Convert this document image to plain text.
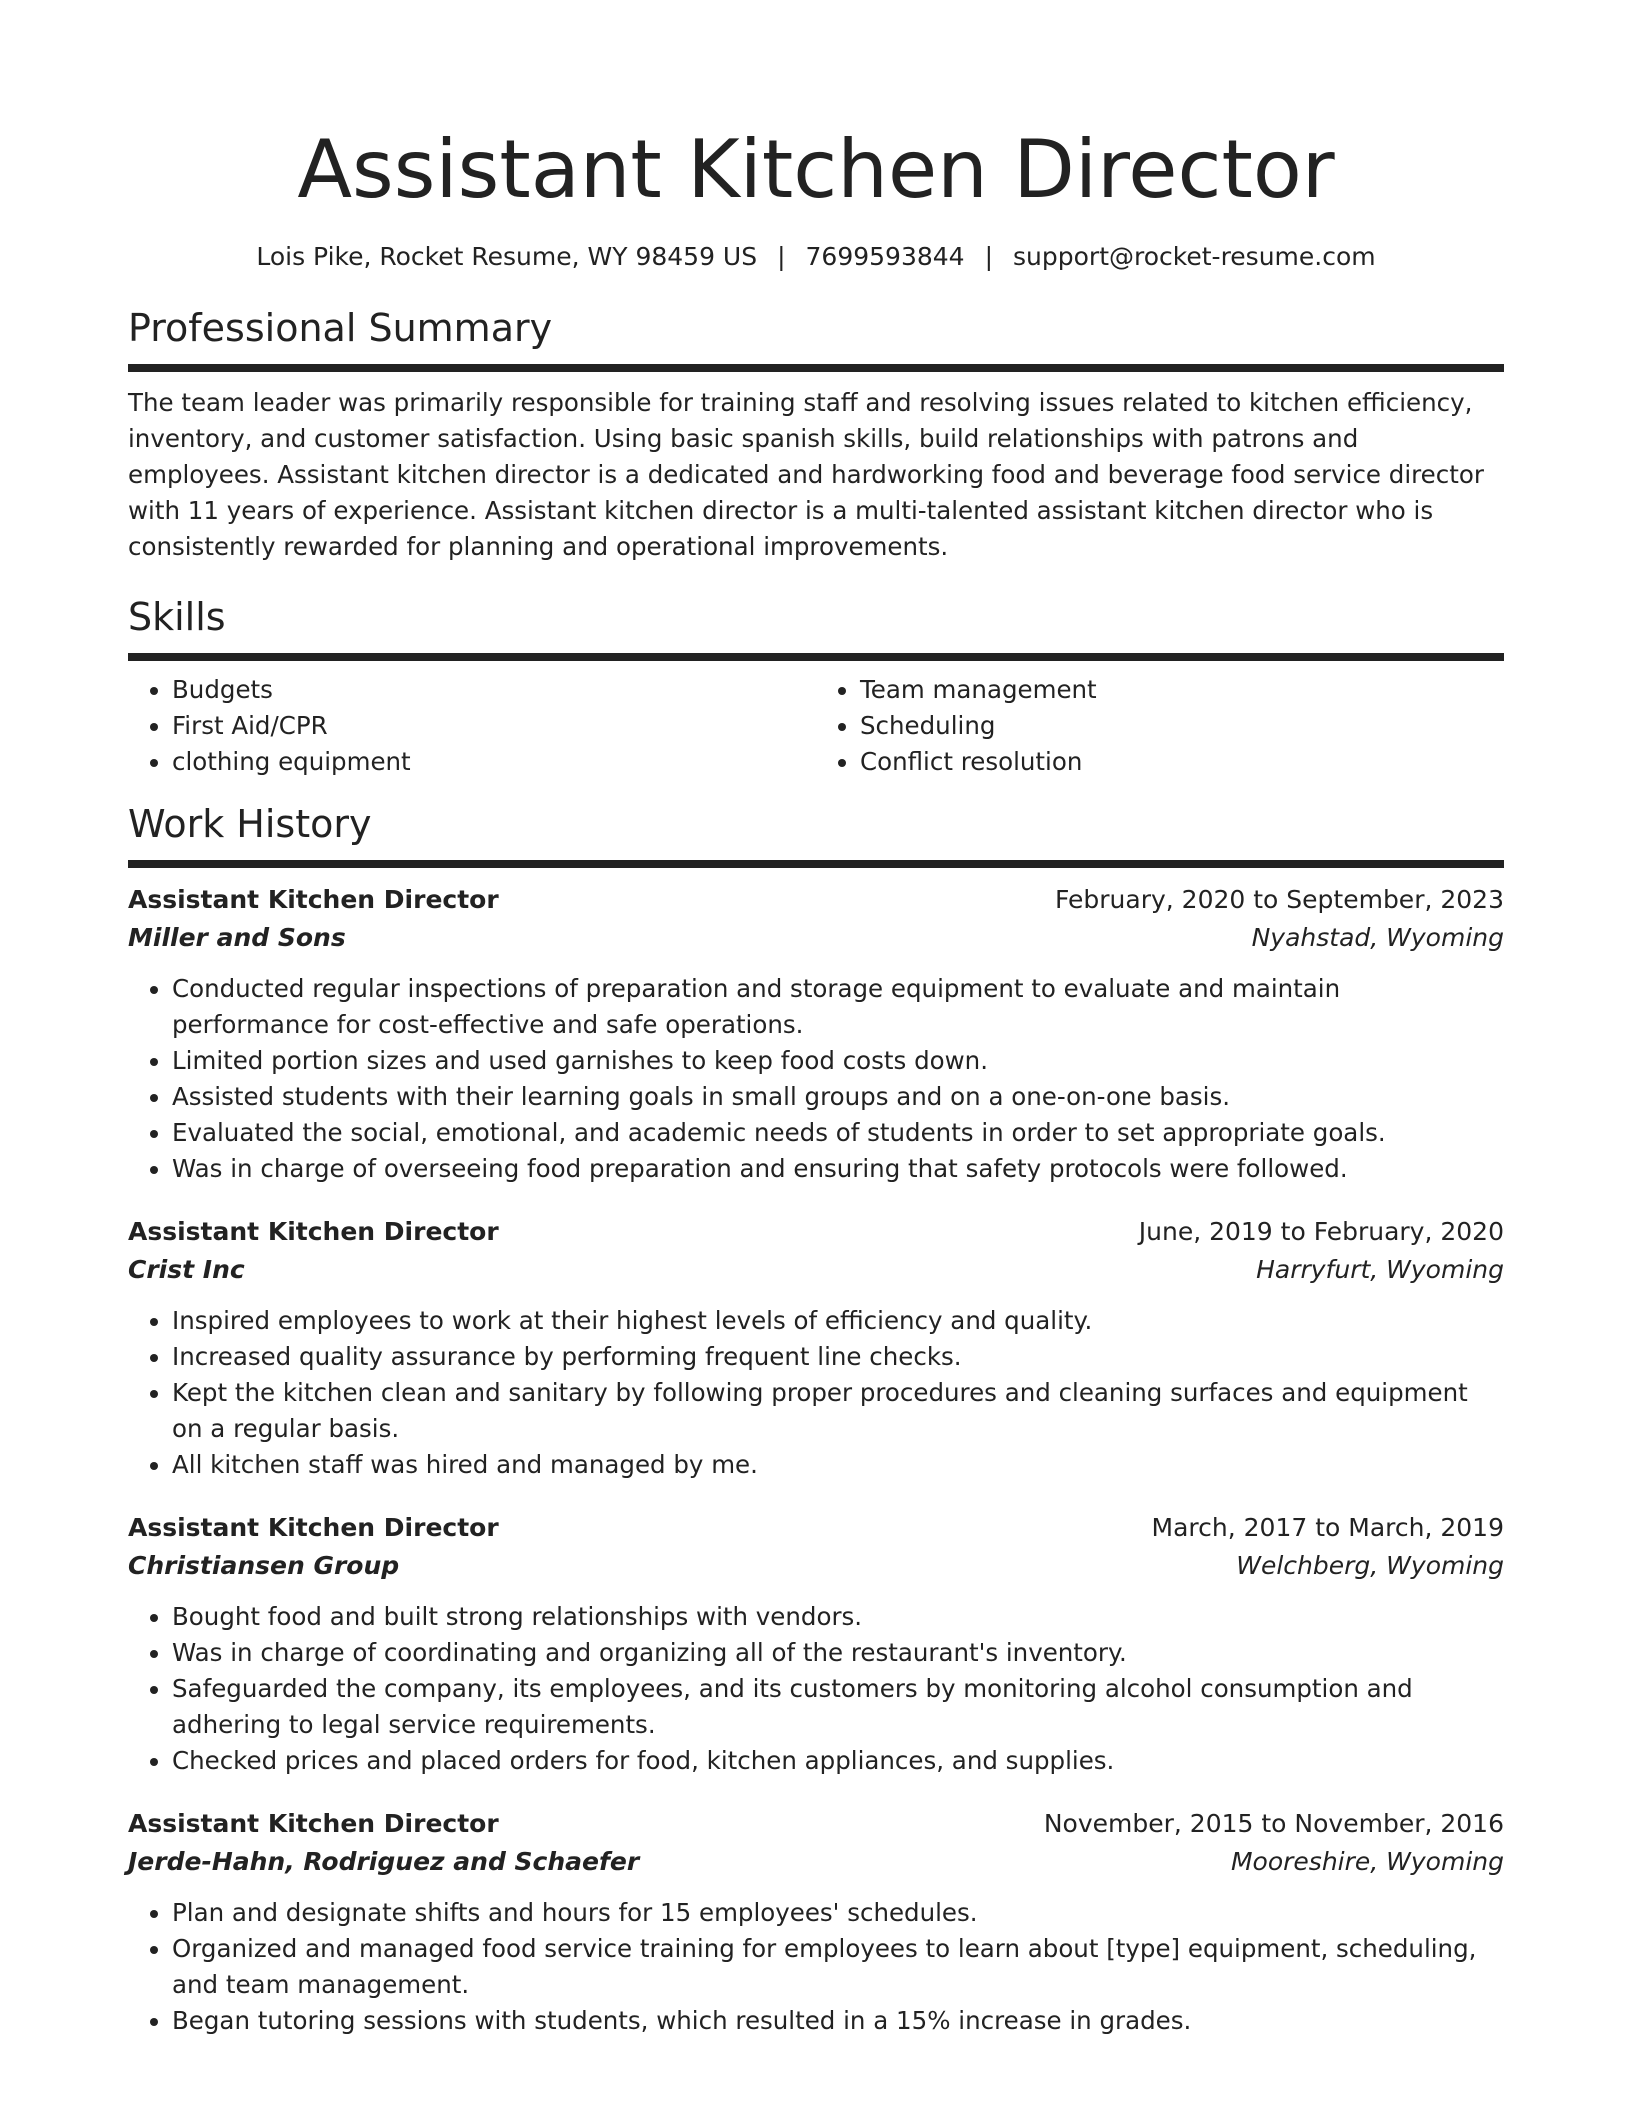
Assistant Kitchen Director
Lois Pike, Rocket Resume, WY 98459 US | 7699593844 | support@rocket-resume.com
Professional Summary
The team leader was primarily responsible for training staff and resolving issues related to kitchen efficiency, inventory, and customer satisfaction. Using basic spanish skills, build relationships with patrons and employees. Assistant kitchen director is a dedicated and hardworking food and beverage food service director with 11 years of experience. Assistant kitchen director is a multi-talented assistant kitchen director who is consistently rewarded for planning and operational improvements.
Skills
• Budgets
• First Aid/CPR
• clothing equipment
• Team management
• Scheduling
• Conflict resolution
Work History
Assistant Kitchen Director	February, 2020 to September, 2023
Miller and Sons	Nyahstad, Wyoming
• Conducted regular inspections of preparation and storage equipment to evaluate and maintain performance for cost-effective and safe operations.
• Limited portion sizes and used garnishes to keep food costs down.
• Assisted students with their learning goals in small groups and on a one-on-one basis.
• Evaluated the social, emotional, and academic needs of students in order to set appropriate goals.
• Was in charge of overseeing food preparation and ensuring that safety protocols were followed.
Assistant Kitchen Director	June, 2019 to February, 2020
Crist Inc	Harryfurt, Wyoming
• Inspired employees to work at their highest levels of efficiency and quality.
• Increased quality assurance by performing frequent line checks.
• Kept the kitchen clean and sanitary by following proper procedures and cleaning surfaces and equipment on a regular basis.
• All kitchen staff was hired and managed by me.
Assistant Kitchen Director	March, 2017 to March, 2019
Christiansen Group	Welchberg, Wyoming
• Bought food and built strong relationships with vendors.
• Was in charge of coordinating and organizing all of the restaurant's inventory.
• Safeguarded the company, its employees, and its customers by monitoring alcohol consumption and adhering to legal service requirements.
• Checked prices and placed orders for food, kitchen appliances, and supplies.
Assistant Kitchen Director	November, 2015 to November, 2016
Jerde-Hahn, Rodriguez and Schaefer	Mooreshire, Wyoming
• Plan and designate shifts and hours for 15 employees' schedules.
• Organized and managed food service training for employees to learn about [type] equipment, scheduling, and team management.
• Began tutoring sessions with students, which resulted in a 15% increase in grades.
